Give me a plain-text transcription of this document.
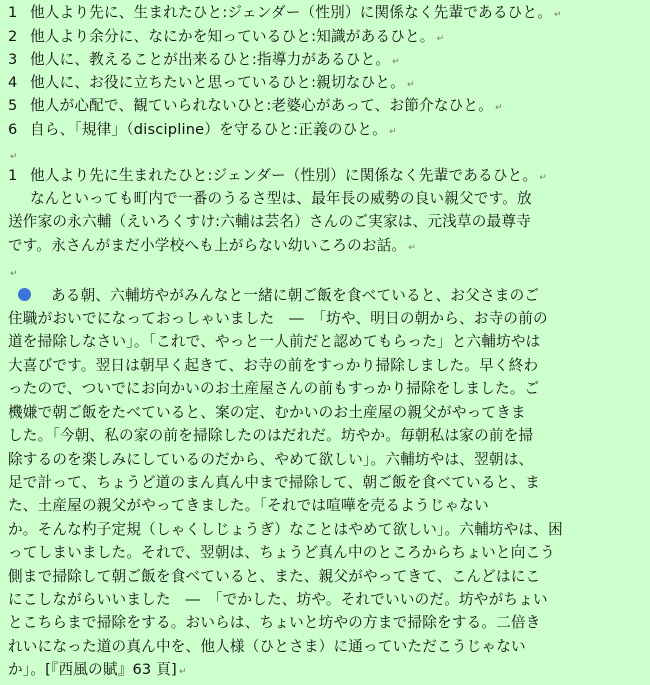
1 他人より先に、生まれたひと:ジェンダー（性別）に関係なく先輩であるひと。 ↵
2 他人より余分に、なにかを知っているひと:知識があるひと。 ↵
3 他人に、教えることが出来るひと:指導力があるひと。 ↵
4 他人に、お役に立ちたいと思っているひと:親切なひと。 ↵
5 他人が心配で、観ていられないひと:老婆心があって、お節介なひと。 ↵
6 自ら、「規律」（discipline）を守るひと:正義のひと。 ↵
↵
1 他人より先に生まれたひと:ジェンダー（性別）に関係なく先輩であるひと。 ↵
なんといっても町内で一番のうるさ型は、最年長の威勢の良い親父です。放
送作家の永六輔（えいろくすけ:六輔は芸名）さんのご実家は、元浅草の最尊寺
です。永さんがまだ小学校へも上がらない幼いころのお話。 ↵
↵
ある朝、六輔坊やがみんなと一緒に朝ご飯を食べていると、お父さまのご
住職がおいでになっておっしゃいました　―　「坊や、明日の朝から、お寺の前の
道を掃除しなさい」。「これで、やっと一人前だと認めてもらった」と六輔坊やは
大喜びです。翌日は朝早く起きて、お寺の前をすっかり掃除しました。早く終わ
ったので、ついでにお向かいのお土産屋さんの前もすっかり掃除をしました。ご
機嫌で朝ご飯をたべていると、案の定、むかいのお土産屋の親父がやってきま
した。「今朝、私の家の前を掃除したのはだれだ。坊やか。毎朝私は家の前を掃
除するのを楽しみにしているのだから、やめて欲しい」。六輔坊やは、翌朝は、
足で計って、ちょうど道のまん真ん中まで掃除して、朝ご飯を食べていると、ま
た、土産屋の親父がやってきました。「それでは喧嘩を売るようじゃない
か。そんな杓子定規（しゃくしじょうぎ）なことはやめて欲しい」。六輔坊やは、困
ってしまいました。それで、翌朝は、ちょうど真ん中のところからちょいと向こう
側まで掃除して朝ご飯を食べていると、また、親父がやってきて、こんどはにこ
にこしながらいいました　―　「でかした、坊や。それでいいのだ。坊やがちょい
とこちらまで掃除をする。おいらは、ちょいと坊やの方まで掃除をする。二倍き
れいになった道の真ん中を、他人様（ひとさま）に通っていただこうじゃない
か」。[『西風の賦』63 頁] ↵
